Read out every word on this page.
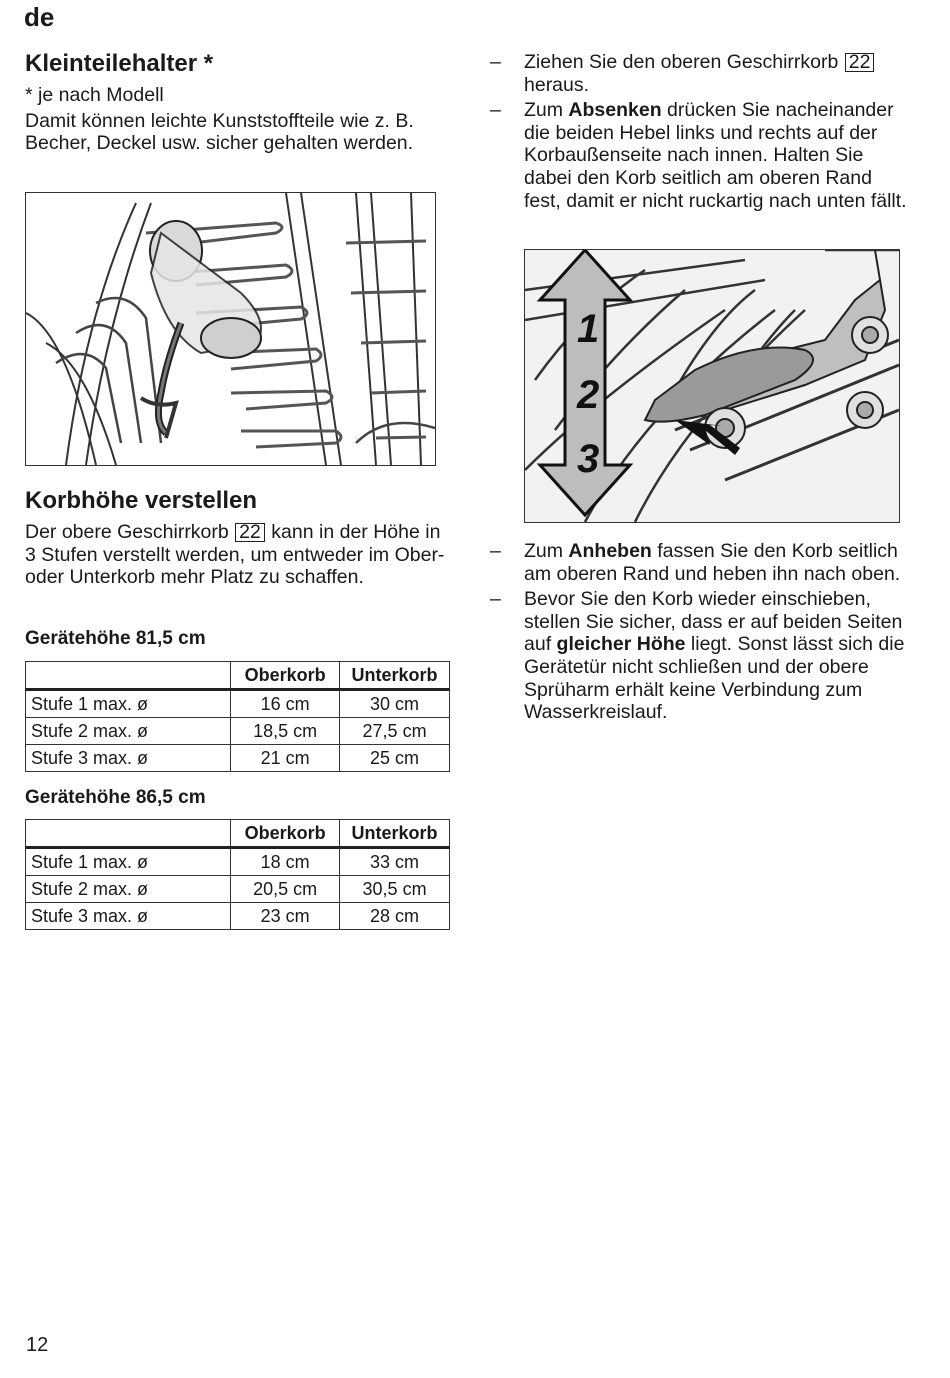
de
Kleinteilehalter *

* je nach Modell

Damit können leichte Kunststoffteile wie z. B. Becher, Deckel usw. sicher gehalten werden.

Korbhöhe verstellen

Der obere Geschirrkorb 22 kann in der Höhe in 3 Stufen verstellt werden, um entweder im Ober- oder Unterkorb mehr Platz zu schaffen.

Gerätehöhe 81,5 cm
	Oberkorb	Unterkorb
Stufe 1 max. ø	16 cm	30 cm
Stufe 2 max. ø	18,5 cm	27,5 cm
Stufe 3 max. ø	21 cm	25 cm
Gerätehöhe 86,5 cm
	Oberkorb	Unterkorb
Stufe 1 max. ø	18 cm	33 cm
Stufe 2 max. ø	20,5 cm	30,5 cm
Stufe 3 max. ø	23 cm	28 cm

– Ziehen Sie den oberen Geschirrkorb 22 heraus.

– Zum Absenken drücken Sie nacheinander die beiden Hebel links und rechts auf der Korbaußenseite nach innen. Halten Sie dabei den Korb seitlich am oberen Rand fest, damit er nicht ruckartig nach unten fällt.

1
2
3

– Zum Anheben fassen Sie den Korb seitlich am oberen Rand und heben ihn nach oben.

– Bevor Sie den Korb wieder einschieben, stellen Sie sicher, dass er auf beiden Seiten auf gleicher Höhe liegt. Sonst lässt sich die Gerätetür nicht schließen und der obere Sprüharm erhält keine Verbindung zum Wasserkreislauf.

12
